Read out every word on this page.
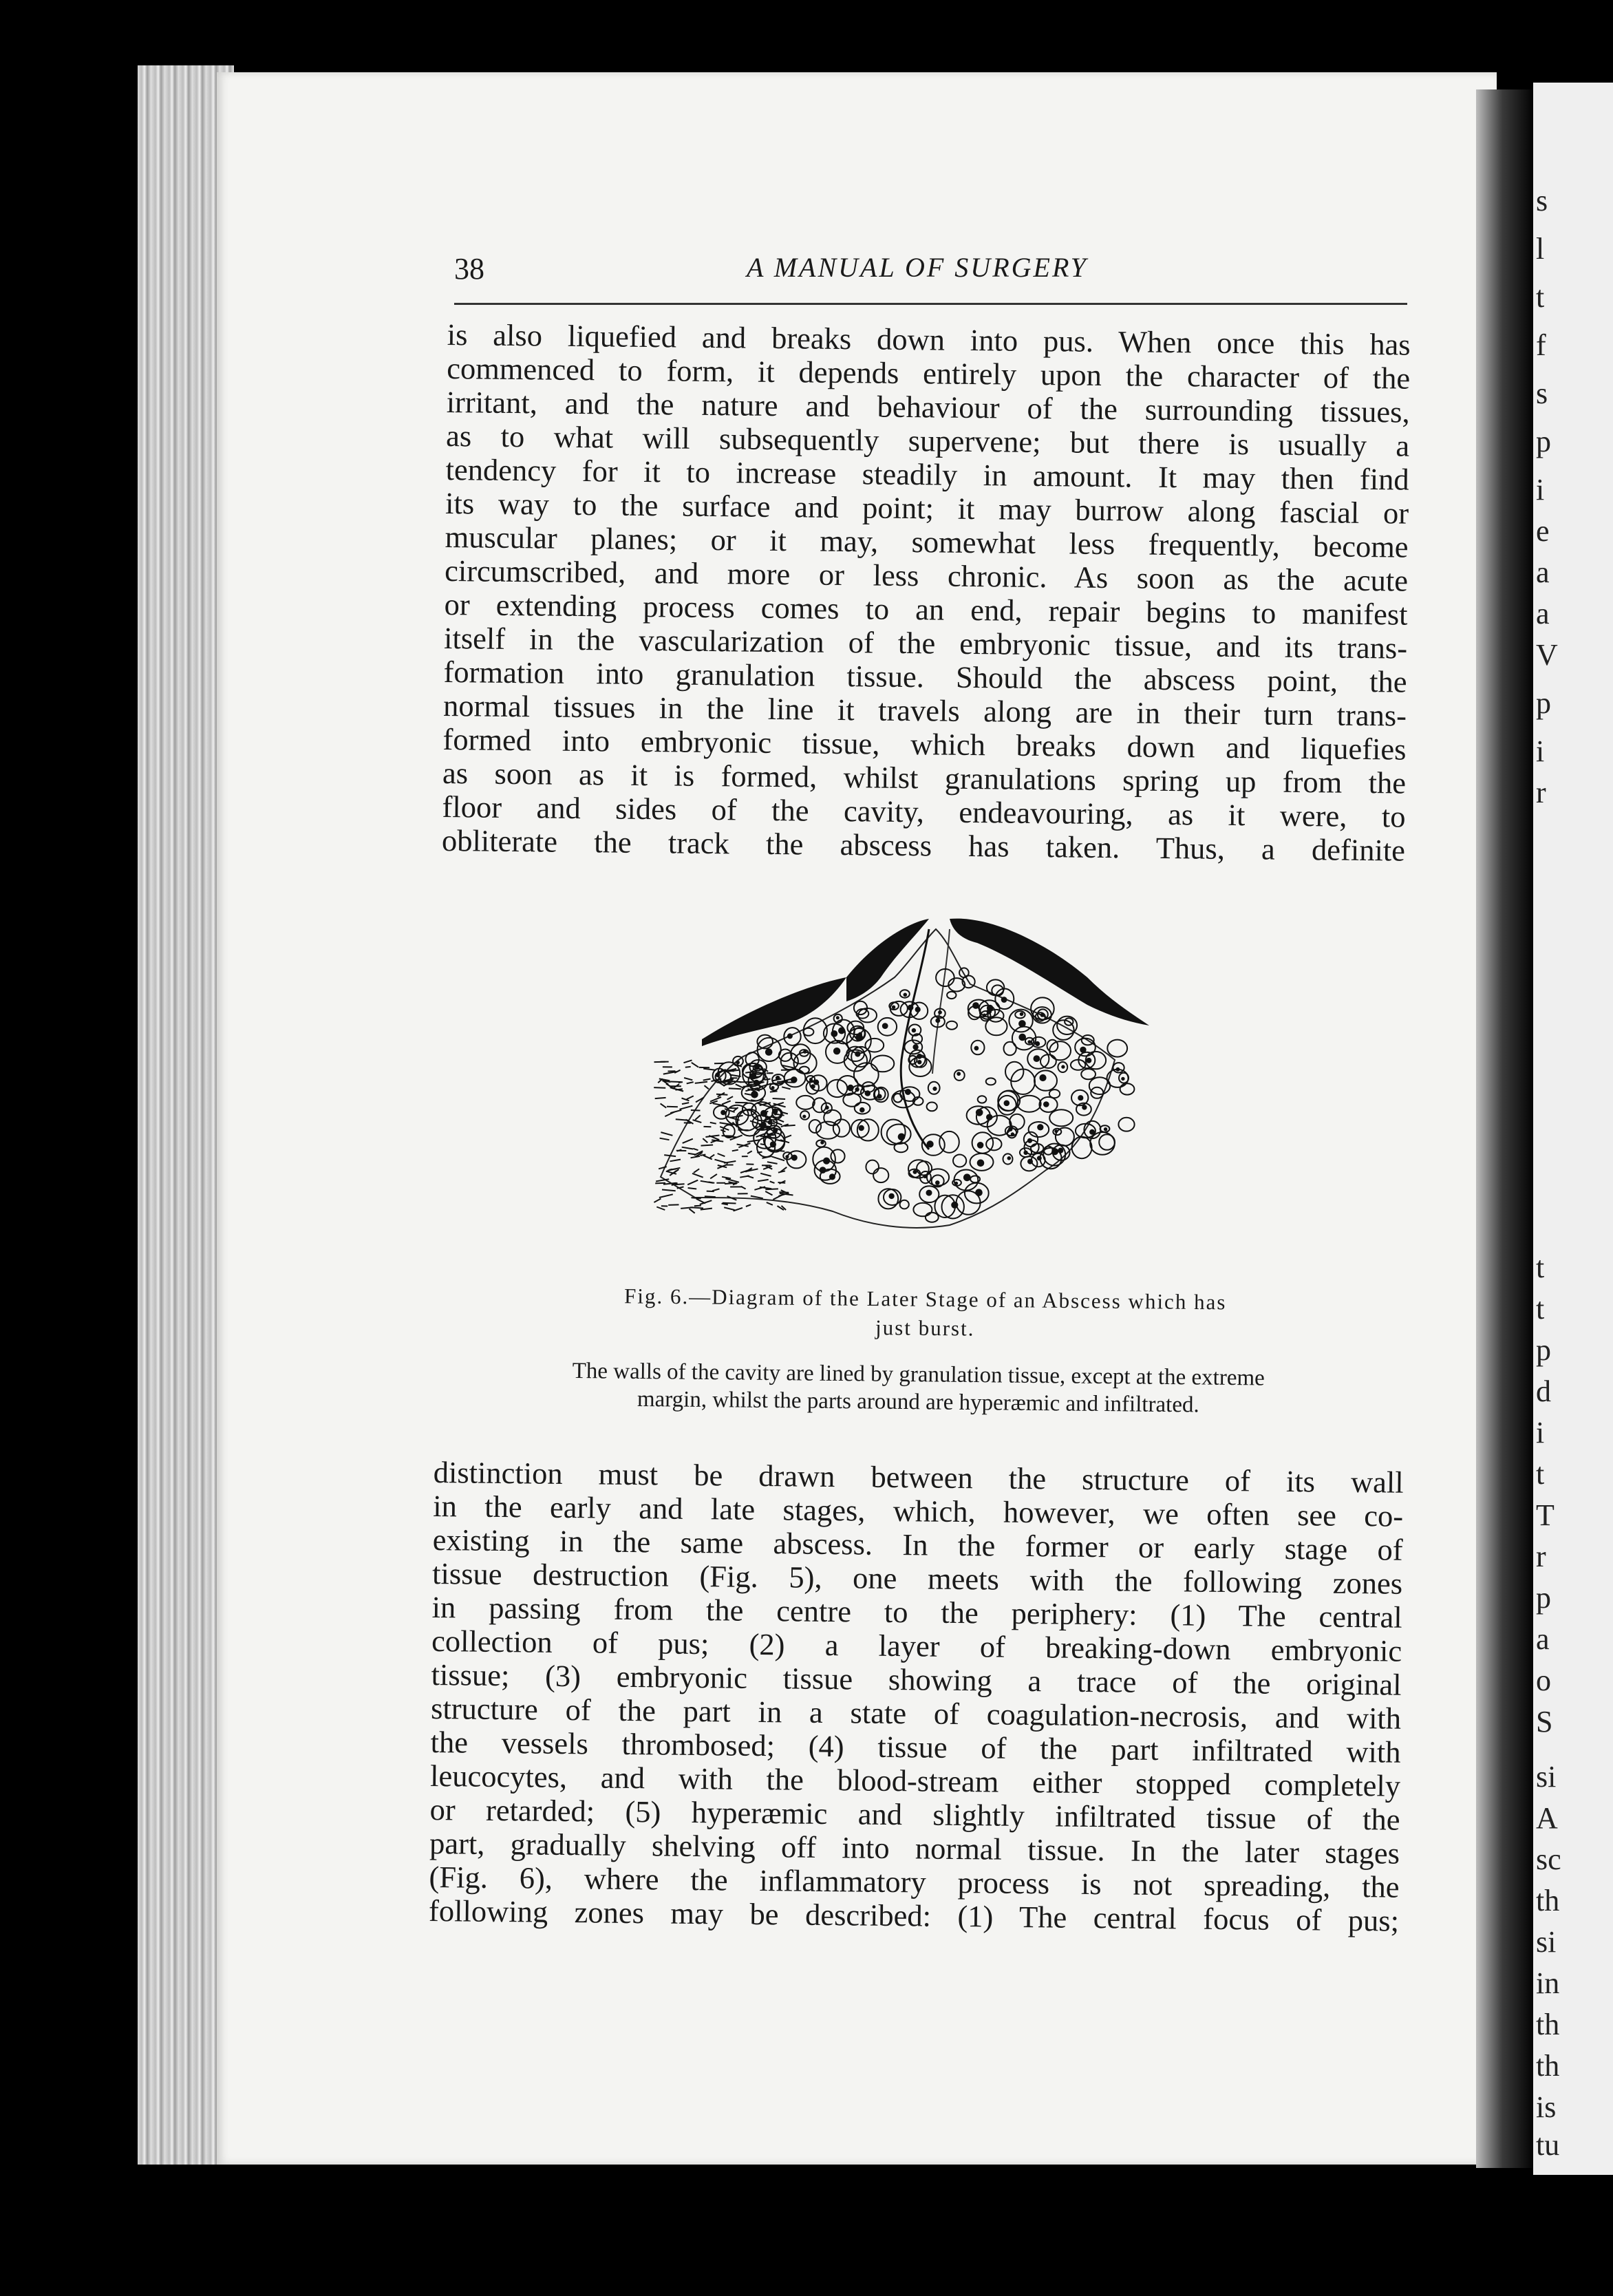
s
l
t
f
s
p
i
e
a
a
V
p
i
r
t
t
p
d
i
t
T
r
p
a
o
S
si
A
sc
th
si
in
th
th
is
tu
38	A MANUAL OF SURGERY
is also liquefied and breaks down into pus. When once this has
commenced to form, it depends entirely upon the character of the
irritant, and the nature and behaviour of the surrounding tissues,
as to what will subsequently supervene; but there is usually a
tendency for it to increase steadily in amount. It may then find
its way to the surface and point; it may burrow along fascial or
muscular planes; or it may, somewhat less frequently, become
circumscribed, and more or less chronic. As soon as the acute
or extending process comes to an end, repair begins to manifest
itself in the vascularization of the embryonic tissue, and its trans-
formation into granulation tissue. Should the abscess point, the
normal tissues in the line it travels along are in their turn trans-
formed into embryonic tissue, which breaks down and liquefies
as soon as it is formed, whilst granulations spring up from the
floor and sides of the cavity, endeavouring, as it were, to
obliterate the track the abscess has taken. Thus, a definite
Fig. 6.—Diagram of the Later Stage of an Abscess which has
just burst.
The walls of the cavity are lined by granulation tissue, except at the extreme
margin, whilst the parts around are hyperæmic and infiltrated.
distinction must be drawn between the structure of its wall
in the early and late stages, which, however, we often see co-
existing in the same abscess. In the former or early stage of
tissue destruction (Fig. 5), one meets with the following zones
in passing from the centre to the periphery: (1) The central
collection of pus; (2) a layer of breaking-down embryonic
tissue; (3) embryonic tissue showing a trace of the original
structure of the part in a state of coagulation-necrosis, and with
the vessels thrombosed; (4) tissue of the part infiltrated with
leucocytes, and with the blood-stream either stopped completely
or retarded; (5) hyperæmic and slightly infiltrated tissue of the
part, gradually shelving off into normal tissue. In the later stages
(Fig. 6), where the inflammatory process is not spreading, the
following zones may be described: (1) The central focus of pus;
